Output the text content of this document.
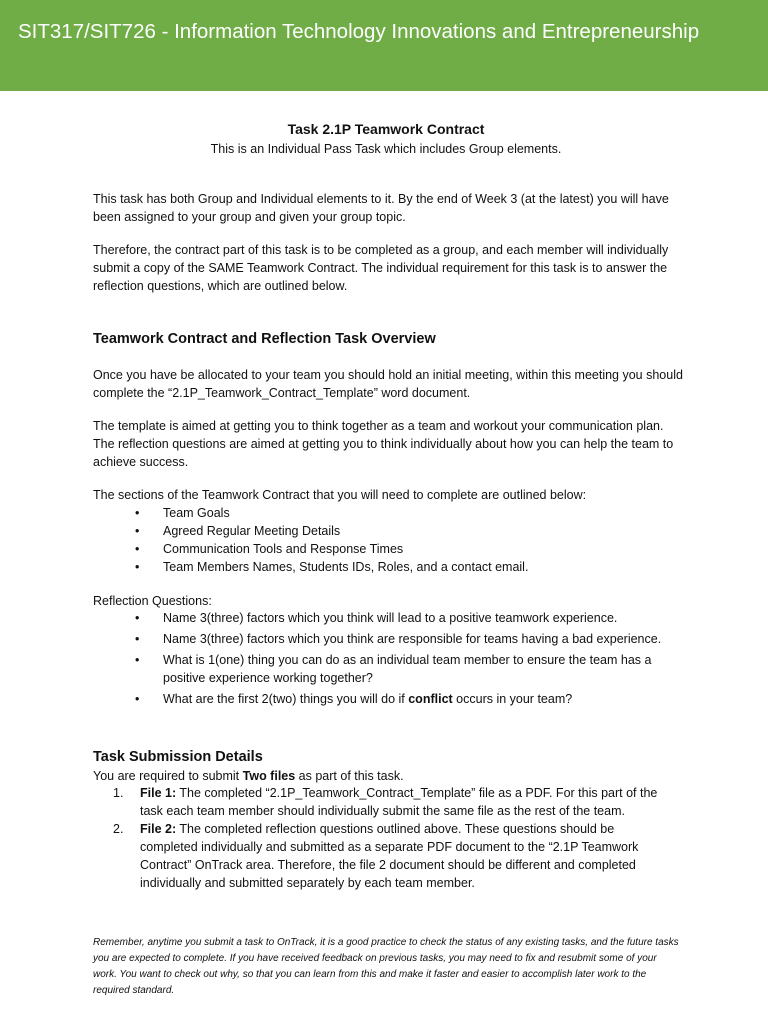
SIT317/SIT726 - Information Technology Innovations and Entrepreneurship
Task 2.1P Teamwork Contract
This is an Individual Pass Task which includes Group elements.

This task has both Group and Individual elements to it. By the end of Week 3 (at the latest) you will have been assigned to your group and given your group topic.

Therefore, the contract part of this task is to be completed as a group, and each member will individually submit a copy of the SAME Teamwork Contract. The individual requirement for this task is to answer the reflection questions, which are outlined below.

Teamwork Contract and Reflection Task Overview

Once you have be allocated to your team you should hold an initial meeting, within this meeting you should complete the “2.1P_Teamwork_Contract_Template” word document.

The template is aimed at getting you to think together as a team and workout your communication plan. The reflection questions are aimed at getting you to think individually about how you can help the team to achieve success.

The sections of the Teamwork Contract that you will need to complete are outlined below:

• Team Goals
• Agreed Regular Meeting Details
• Communication Tools and Response Times
• Team Members Names, Students IDs, Roles, and a contact email.

Reflection Questions:

• Name 3(three) factors which you think will lead to a positive teamwork experience.
• Name 3(three) factors which you think are responsible for teams having a bad experience.
• What is 1(one) thing you can do as an individual team member to ensure the team has a positive experience working together?
• What are the first 2(two) things you will do if conflict occurs in your team?
Task Submission Details

You are required to submit Two files as part of this task.

1. File 1: The completed “2.1P_Teamwork_Contract_Template” file as a PDF. For this part of the task each team member should individually submit the same file as the rest of the team.
2. File 2: The completed reflection questions outlined above. These questions should be completed individually and submitted as a separate PDF document to the “2.1P Teamwork Contract” OnTrack area. Therefore, the file 2 document should be different and completed individually and submitted separately by each team member.

Remember, anytime you submit a task to OnTrack, it is a good practice to check the status of any existing tasks, and the future tasks you are expected to complete. If you have received feedback on previous tasks, you may need to fix and resubmit some of your work. You want to check out why, so that you can learn from this and make it faster and easier to accomplish later work to the required standard.
